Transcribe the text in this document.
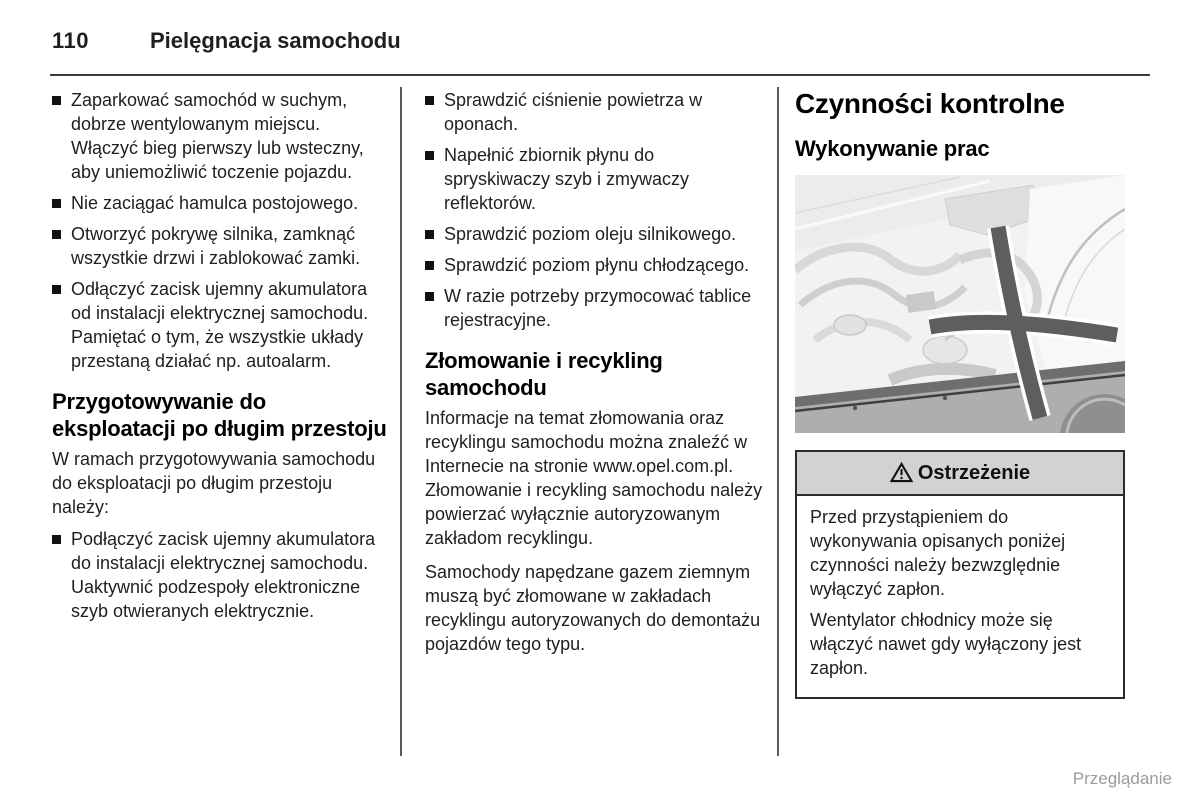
110	Pielęgnacja samochodu
Zaparkować samochód w suchym, dobrze wentylowanym miejscu. Włączyć bieg pierwszy lub wsteczny, aby uniemożliwić toczenie pojazdu.
Nie zaciągać hamulca postojowego.
Otworzyć pokrywę silnika, zamknąć wszystkie drzwi i zablokować zamki.
Odłączyć zacisk ujemny akumulatora od instalacji elektrycznej samochodu. Pamiętać o tym, że wszystkie układy przestaną działać np. autoalarm.
Przygotowywanie do eksploatacji po długim przestoju

W ramach przygotowywania samochodu do eksploatacji po długim przestoju należy:

Podłączyć zacisk ujemny akumulatora do instalacji elektrycznej samochodu. Uaktywnić podzespoły elektroniczne szyb otwieranych elektrycznie.
Sprawdzić ciśnienie powietrza w oponach.
Napełnić zbiornik płynu do spryskiwaczy szyb i zmywaczy reflektorów.
Sprawdzić poziom oleju silnikowego.
Sprawdzić poziom płynu chłodzącego.
W razie potrzeby przymocować tablice rejestracyjne.
Złomowanie i recykling samochodu

Informacje na temat złomowania oraz recyklingu samochodu można znaleźć w Internecie na stronie www.opel.com.pl. Złomowanie i recykling samochodu należy powierzać wyłącznie autoryzowanym zakładom recyklingu.

Samochody napędzane gazem ziemnym muszą być złomowane w zakładach recyklingu autoryzowanych do demontażu pojazdów tego typu.

Czynności kontrolne
Wykonywanie prac
Ostrzeżenie

Przed przystąpieniem do wykonywania opisanych poniżej czynności należy bezwzględnie wyłączyć zapłon.

Wentylator chłodnicy może się włączyć nawet gdy wyłączony jest zapłon.

Przeglądanie
